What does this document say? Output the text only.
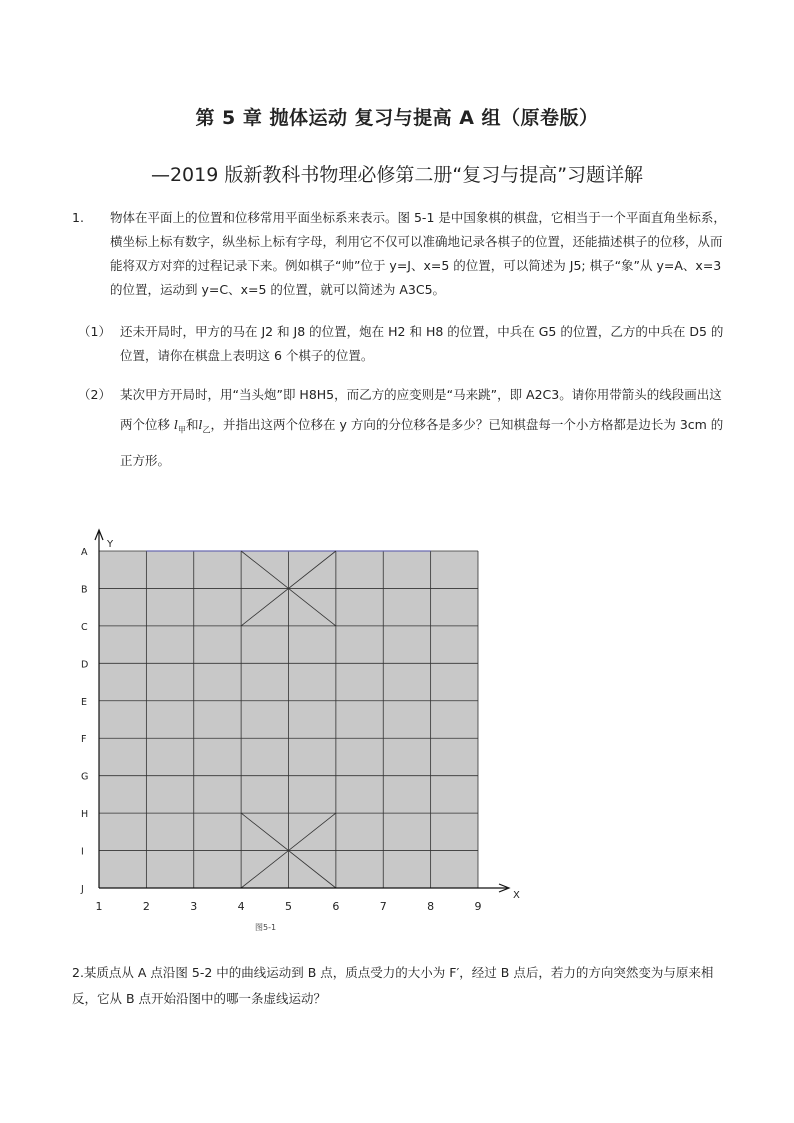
第 5 章 抛体运动 复习与提高 A 组（原卷版）
—2019 版新教科书物理必修第二册“复习与提高”习题详解
1. 物体在平面上的位置和位移常用平面坐标系来表示。图 5-1 是中国象棋的棋盘，它相当于一个平面直角坐标系，横坐标上标有数字，纵坐标上标有字母，利用它不仅可以准确地记录各棋子的位置，还能描述棋子的位移，从而能将双方对弈的过程记录下来。例如棋子“帅”位于 y=J、x=5 的位置，可以简述为 J5; 棋子“象”从 y=A、x=3 的位置，运动到 y=C、x=5 的位置，就可以简述为 A3C5。
（1） 还未开局时，甲方的马在 J2 和 J8 的位置，炮在 H2 和 H8 的位置，中兵在 G5 的位置，乙方的中兵在 D5 的位置，请你在棋盘上表明这 6 个棋子的位置。
（2） 某次甲方开局时，用“当头炮”即 H8H5，而乙方的应变则是“马来跳”，即 A2C3。请你用带箭头的线段画出这两个位移 $l_甲$和$l_乙$，并指出这两个位移在 y 方向的分位移各是多少？已知棋盘每一个小方格都是边长为 3cm 的正方形。
Y
X
A
B
C
D
E
F
G
H
I
J
1	2	3	4	5	6	7	8	9
图5-1
2.某质点从 A 点沿图 5-2 中的曲线运动到 B 点，质点受力的大小为 F′，经过 B 点后，若力的方向突然变为与原来相反，它从 B 点开始沿图中的哪一条虚线运动？
